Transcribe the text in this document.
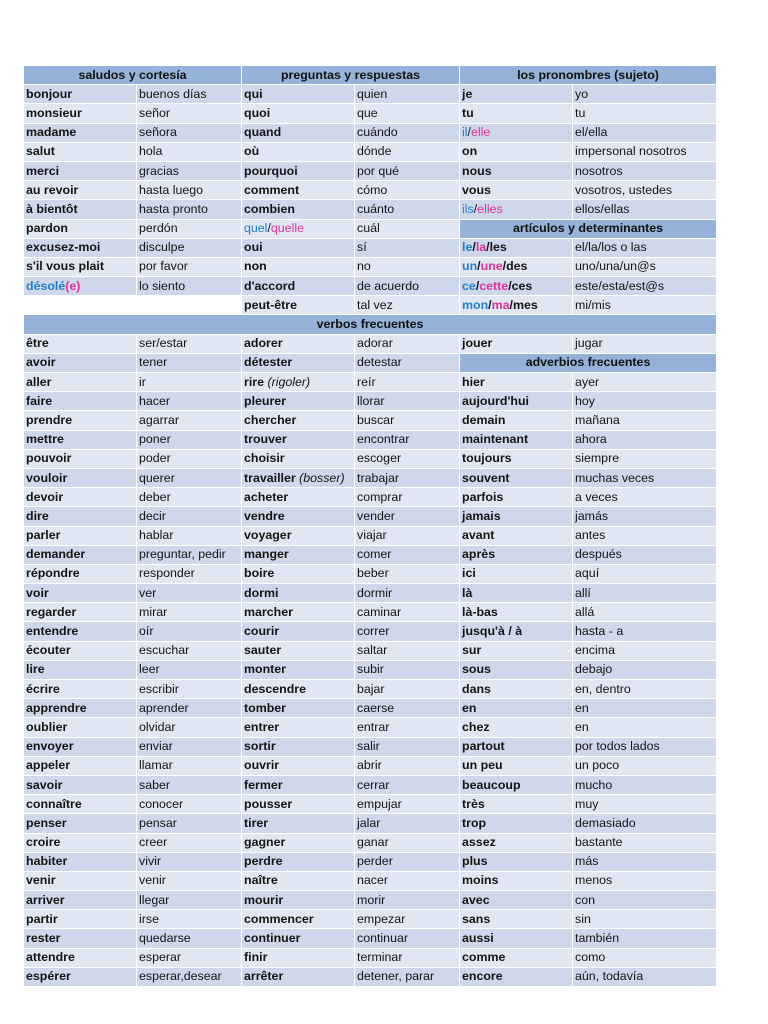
saludos y cortesía		preguntas y respuestas		los pronombres (sujeto)	
bonjour	buenos días	qui	quien	je	yo
monsieur	señor	quoi	que	tu	tu
madame	señora	quand	cuándo	il/elle	el/ella
salut	hola	où	dónde	on	impersonal nosotros
merci	gracias	pourquoi	por qué	nous	nosotros
au revoir	hasta luego	comment	cómo	vous	vosotros, ustedes
à bientôt	hasta pronto	combien	cuánto	ils/elles	ellos/ellas
pardon	perdón	quel/quelle	cuál	artículos y determinantes	
excusez-moi	disculpe	oui	sí	le/la/les	el/la/los o las
s'il vous plait	por favor	non	no	un/une/des	uno/una/un@s
désolé(e)	lo siento	d'accord	de acuerdo	ce/cette/ces	este/esta/est@s
		peut-être	tal vez	mon/ma/mes	mi/mis
verbos frecuentes					
être	ser/estar	adorer	adorar	jouer	jugar
avoir	tener	détester	detestar	adverbios frecuentes	
aller	ir	rire (rigoler)	reír	hier	ayer
faire	hacer	pleurer	llorar	aujourd'hui	hoy
prendre	agarrar	chercher	buscar	demain	mañana
mettre	poner	trouver	encontrar	maintenant	ahora
pouvoir	poder	choisir	escoger	toujours	siempre
vouloir	querer	travailler (bosser)	trabajar	souvent	muchas veces
devoir	deber	acheter	comprar	parfois	a veces
dire	decir	vendre	vender	jamais	jamás
parler	hablar	voyager	viajar	avant	antes
demander	preguntar, pedir	manger	comer	après	después
répondre	responder	boire	beber	ici	aquí
voir	ver	dormi	dormir	là	allí
regarder	mirar	marcher	caminar	là-bas	allá
entendre	oír	courir	correr	jusqu'à / à	hasta - a
écouter	escuchar	sauter	saltar	sur	encima
lire	leer	monter	subir	sous	debajo
écrire	escribir	descendre	bajar	dans	en, dentro
apprendre	aprender	tomber	caerse	en	en
oublier	olvidar	entrer	entrar	chez	en
envoyer	enviar	sortir	salir	partout	por todos lados
appeler	llamar	ouvrir	abrir	un peu	un poco
savoir	saber	fermer	cerrar	beaucoup	mucho
connaître	conocer	pousser	empujar	très	muy
penser	pensar	tirer	jalar	trop	demasiado
croire	creer	gagner	ganar	assez	bastante
habiter	vivir	perdre	perder	plus	más
venir	venir	naître	nacer	moins	menos
arriver	llegar	mourir	morir	avec	con
partir	irse	commencer	empezar	sans	sin
rester	quedarse	continuer	continuar	aussi	también
attendre	esperar	finir	terminar	comme	como
espérer	esperar,desear	arrêter	detener, parar	encore	aún, todavía
